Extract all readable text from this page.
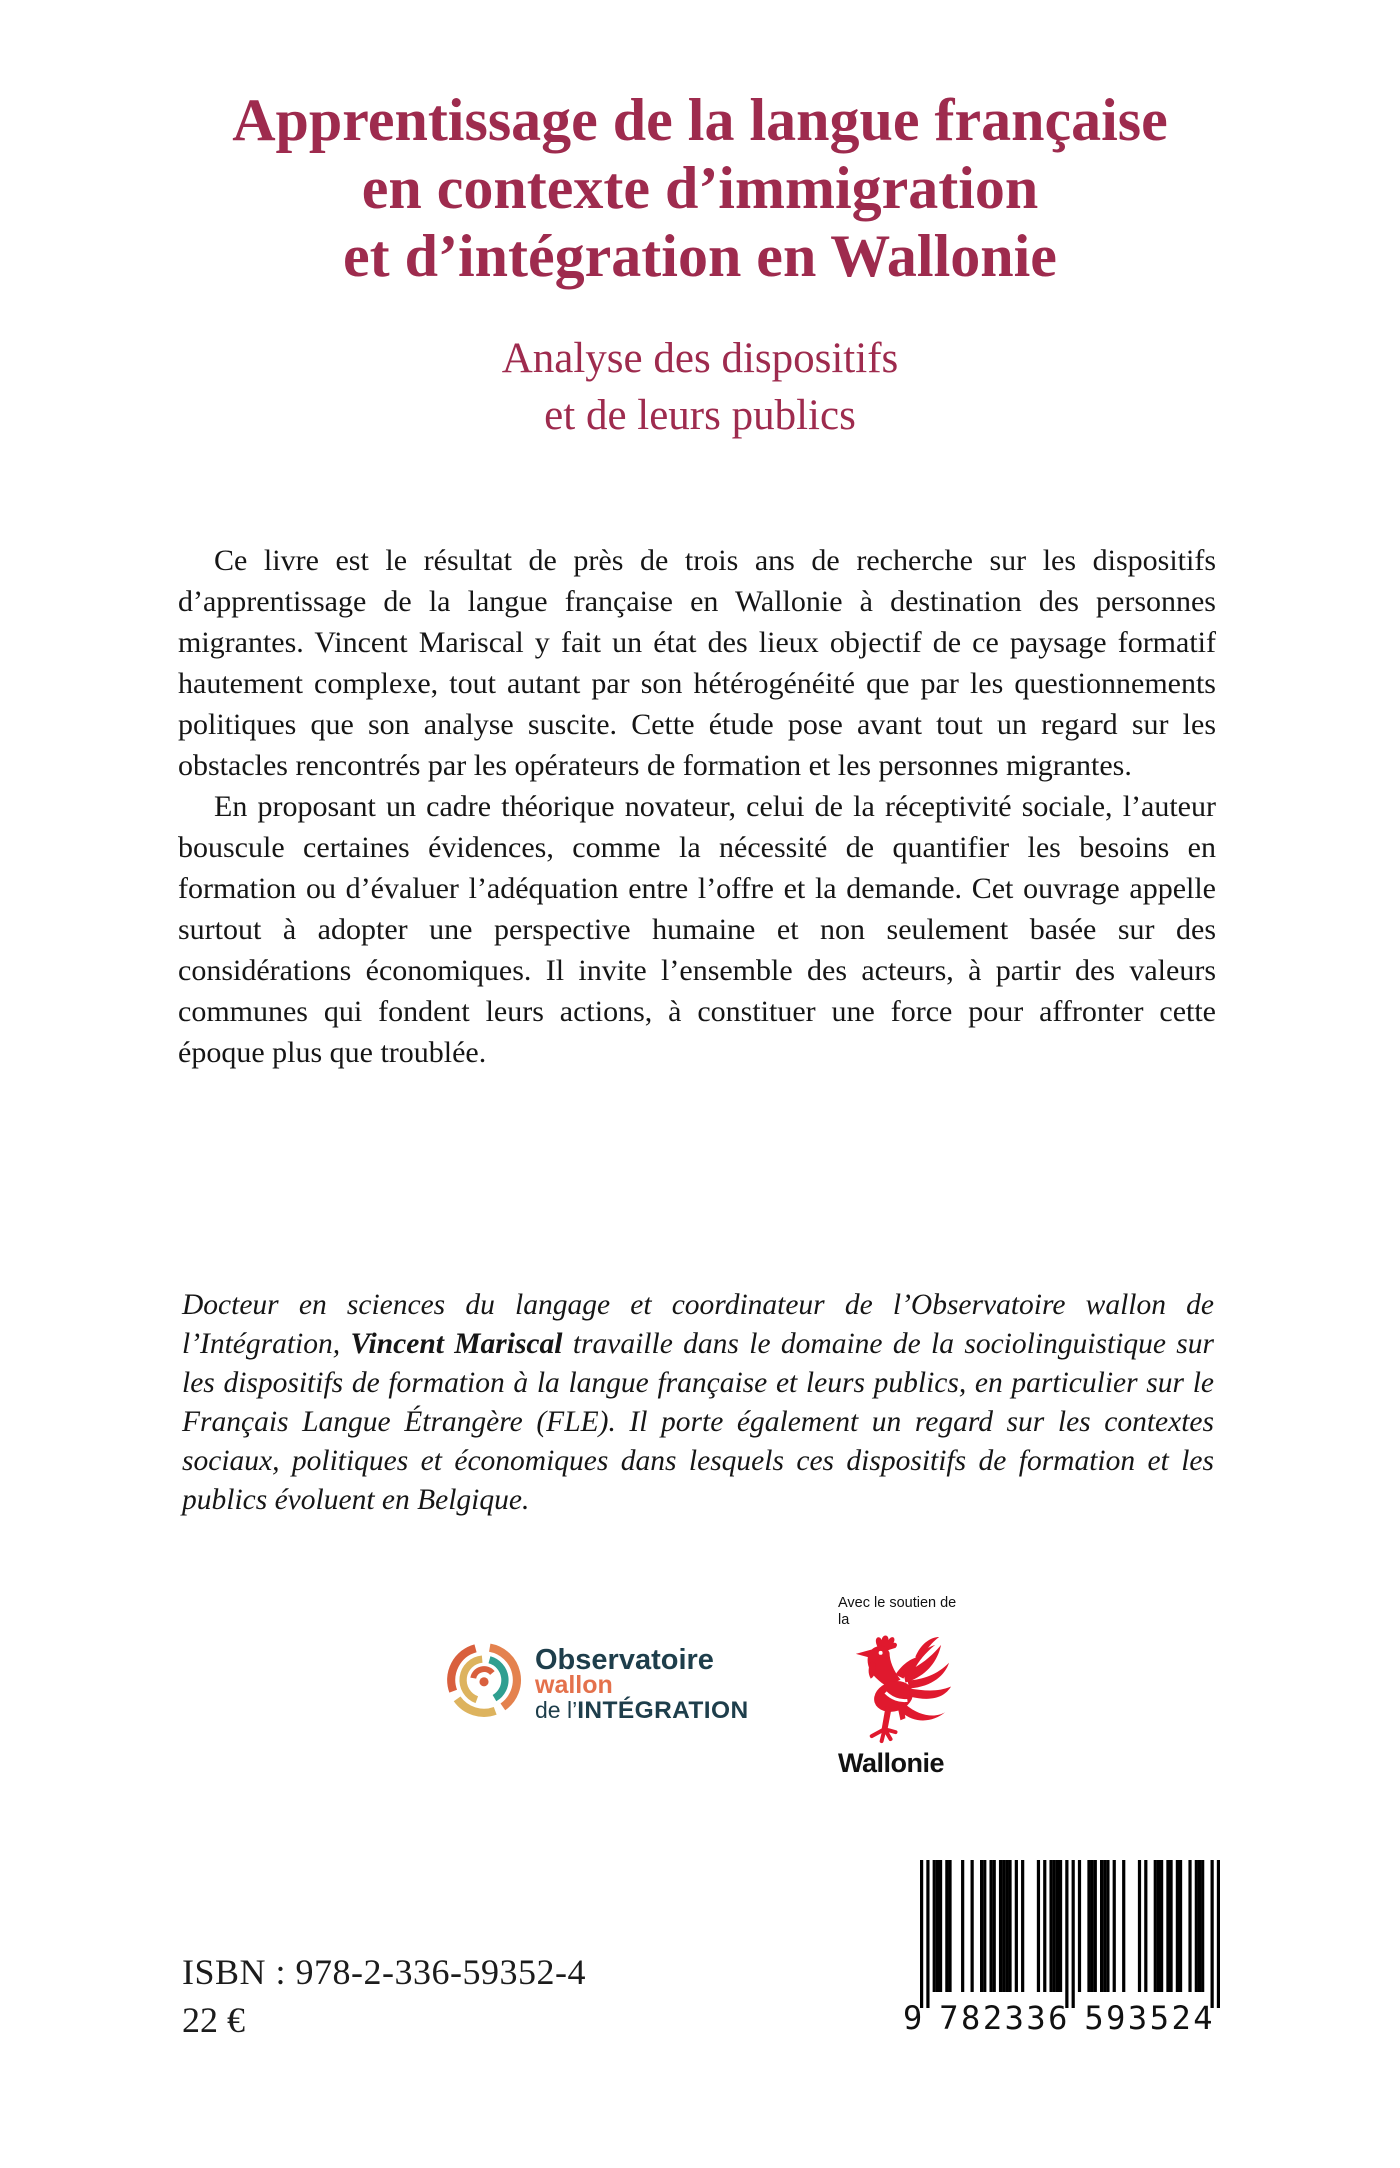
Apprentissage de la langue française
en contexte d’immigration
et d’intégration en Wallonie
Analyse des dispositifs
et de leurs publics

Ce livre est le résultat de près de trois ans de recherche sur les dispositifs d’apprentissage de la langue française en Wallonie à destination des personnes migrantes. Vincent Mariscal y fait un état des lieux objectif de ce paysage formatif hautement complexe, tout autant par son hétérogénéité que par les questionnements politiques que son analyse suscite. Cette étude pose avant tout un regard sur les obstacles rencontrés par les opérateurs de formation et les personnes migrantes.

En proposant un cadre théorique novateur, celui de la réceptivité sociale, l’auteur bouscule certaines évidences, comme la nécessité de quantifier les besoins en formation ou d’évaluer l’adéquation entre l’offre et la demande. Cet ouvrage appelle surtout à adopter une perspective humaine et non seulement basée sur des considérations économiques. Il invite l’ensemble des acteurs, à partir des valeurs communes qui fondent leurs actions, à constituer une force pour affronter cette époque plus que troublée.

Docteur en sciences du langage et coordinateur de l’Observatoire wallon de l’Intégration, Vincent Mariscal travaille dans le domaine de la sociolinguistique sur les dispositifs de formation à la langue française et leurs publics, en particulier sur le Français Langue Étrangère (FLE). Il porte également un regard sur les contextes sociaux, politiques et économiques dans lesquels ces dispositifs de formation et les publics évoluent en Belgique.

Observatoire
wallon
de l’INTÉGRATION
Avec le soutien de
la
Wallonie
ISBN : 978-2-336-59352-4
22 €	9 782336 593524
